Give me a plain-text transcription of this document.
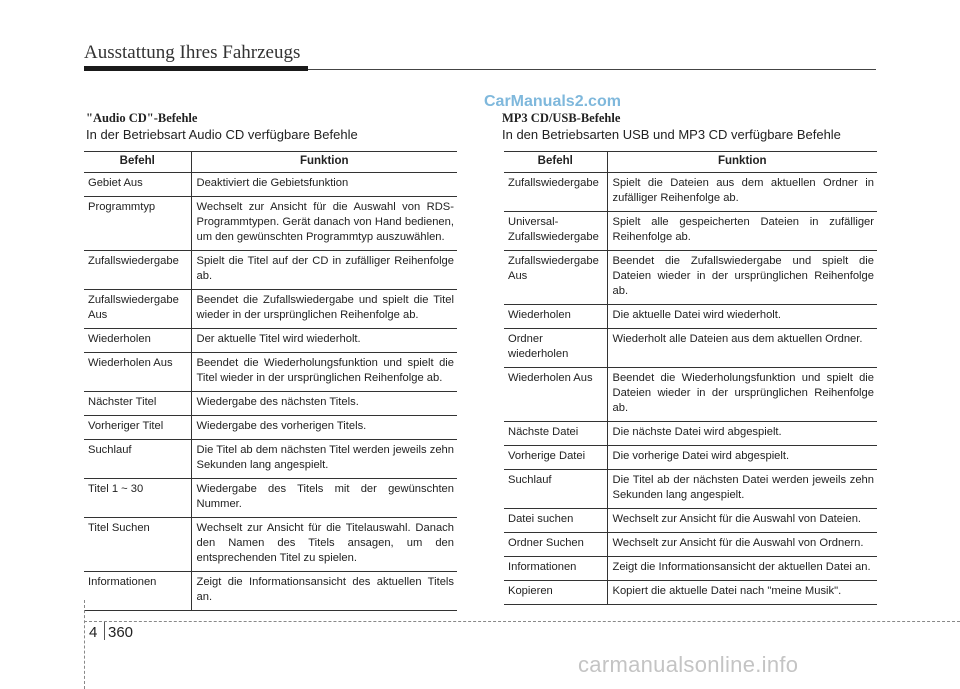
Ausstattung Ihres Fahrzeugs
CarManuals2.com
"Audio CD"-Befehle
In der Betriebsart Audio CD verfügbare Befehle
Befehl	Funktion
Gebiet Aus	Deaktiviert die Gebietsfunktion
Programmtyp	Wechselt zur Ansicht für die Auswahl von RDS-Programmtypen. Gerät danach von Hand bedienen, um den gewünschten Programmtyp auszuwählen.
Zufallswiedergabe	Spielt die Titel auf der CD in zufälliger Reihenfolge ab.
Zufallswiedergabe Aus	Beendet die Zufallswiedergabe und spielt die Titel wieder in der ursprünglichen Reihenfolge ab.
Wiederholen	Der aktuelle Titel wird wiederholt.
Wiederholen Aus	Beendet die Wiederholungsfunktion und spielt die Titel wieder in der ursprünglichen Reihenfolge ab.
Nächster Titel	Wiedergabe des nächsten Titels.
Vorheriger Titel	Wiedergabe des vorherigen Titels.
Suchlauf	Die Titel ab dem nächsten Titel werden jeweils zehn Sekunden lang angespielt.
Titel 1 ~ 30	Wiedergabe des Titels mit der gewünschten Nummer.
Titel Suchen	Wechselt zur Ansicht für die Titelauswahl. Danach den Namen des Titels ansagen, um den entsprechenden Titel zu spielen.
Informationen	Zeigt die Informationsansicht des aktuellen Titels an.
MP3 CD/USB-Befehle
In den Betriebsarten USB und MP3 CD verfügbare Befehle
Befehl	Funktion
Zufallswiedergabe	Spielt die Dateien aus dem aktuellen Ordner in zufälliger Reihenfolge ab.
Universal-Zufallswiedergabe	Spielt alle gespeicherten Dateien in zufälliger Reihenfolge ab.
Zufallswiedergabe Aus	Beendet die Zufallswiedergabe und spielt die Dateien wieder in der ursprünglichen Reihenfolge ab.
Wiederholen	Die aktuelle Datei wird wiederholt.
Ordner wiederholen	Wiederholt alle Dateien aus dem aktuellen Ordner.
Wiederholen Aus	Beendet die Wiederholungsfunktion und spielt die Dateien wieder in der ursprünglichen Reihenfolge ab.
Nächste Datei	Die nächste Datei wird abgespielt.
Vorherige Datei	Die vorherige Datei wird abgespielt.
Suchlauf	Die Titel ab der nächsten Datei werden jeweils zehn Sekunden lang angespielt.
Datei suchen	Wechselt zur Ansicht für die Auswahl von Dateien.
Ordner Suchen	Wechselt zur Ansicht für die Auswahl von Ordnern.
Informationen	Zeigt die Informationsansicht der aktuellen Datei an.
Kopieren	Kopiert die aktuelle Datei nach "meine Musik".
4 360
carmanualsonline.info
